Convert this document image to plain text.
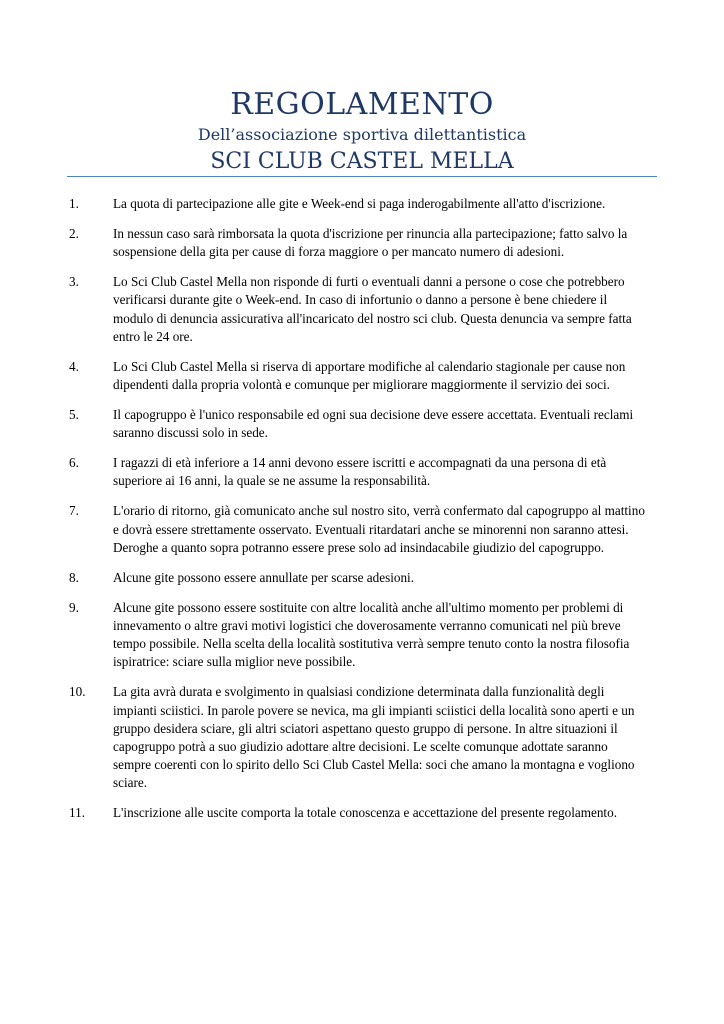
REGOLAMENTO
Dell’associazione sportiva dilettantistica
SCI CLUB CASTEL MELLA
1.	La quota di partecipazione alle gite e Week-end si paga inderogabilmente all'atto d'iscrizione.
2.	In nessun caso sarà rimborsata la quota d'iscrizione per rinuncia alla partecipazione; fatto salvo la sospensione della gita per cause di forza maggiore o per mancato numero di adesioni.
3.	Lo Sci Club Castel Mella non risponde di furti o eventuali danni a persone o cose che potrebbero verificarsi durante gite o Week-end. In caso di infortunio o danno a persone è bene chiedere il modulo di denuncia assicurativa all'incaricato del nostro sci club. Questa denuncia va sempre fatta entro le 24 ore.
4.	Lo Sci Club Castel Mella si riserva di apportare modifiche al calendario stagionale per cause non dipendenti dalla propria volontà e comunque per migliorare maggiormente il servizio dei soci.
5.	Il capogruppo è l'unico responsabile ed ogni sua decisione deve essere accettata. Eventuali reclami saranno discussi solo in sede.
6.	I ragazzi di età inferiore a 14 anni devono essere iscritti e accompagnati da una persona di età superiore ai 16 anni, la quale se ne assume la responsabilità.
7.	L'orario di ritorno, già comunicato anche sul nostro sito, verrà confermato dal capogruppo al mattino e dovrà essere strettamente osservato. Eventuali ritardatari anche se minorenni non saranno attesi. Deroghe a quanto sopra potranno essere prese solo ad insindacabile giudizio del capogruppo.
8.	Alcune gite possono essere annullate per scarse adesioni.
9.	Alcune gite possono essere sostituite con altre località anche all'ultimo momento per problemi di innevamento o altre gravi motivi logistici che doverosamente verranno comunicati nel più breve tempo possibile. Nella scelta della località sostitutiva verrà sempre tenuto conto la nostra filosofia ispiratrice: sciare sulla miglior neve possibile.
10.	La gita avrà durata e svolgimento in qualsiasi condizione determinata dalla funzionalità degli impianti sciistici. In parole povere se nevica, ma gli impianti sciistici della località sono aperti e un gruppo desidera sciare, gli altri sciatori aspettano questo gruppo di persone. In altre situazioni il capogruppo potrà a suo giudizio adottare altre decisioni. Le scelte comunque adottate saranno sempre coerenti con lo spirito dello Sci Club Castel Mella: soci che amano la montagna e vogliono sciare.
11.	L'inscrizione alle uscite comporta la totale conoscenza e accettazione del presente regolamento.
